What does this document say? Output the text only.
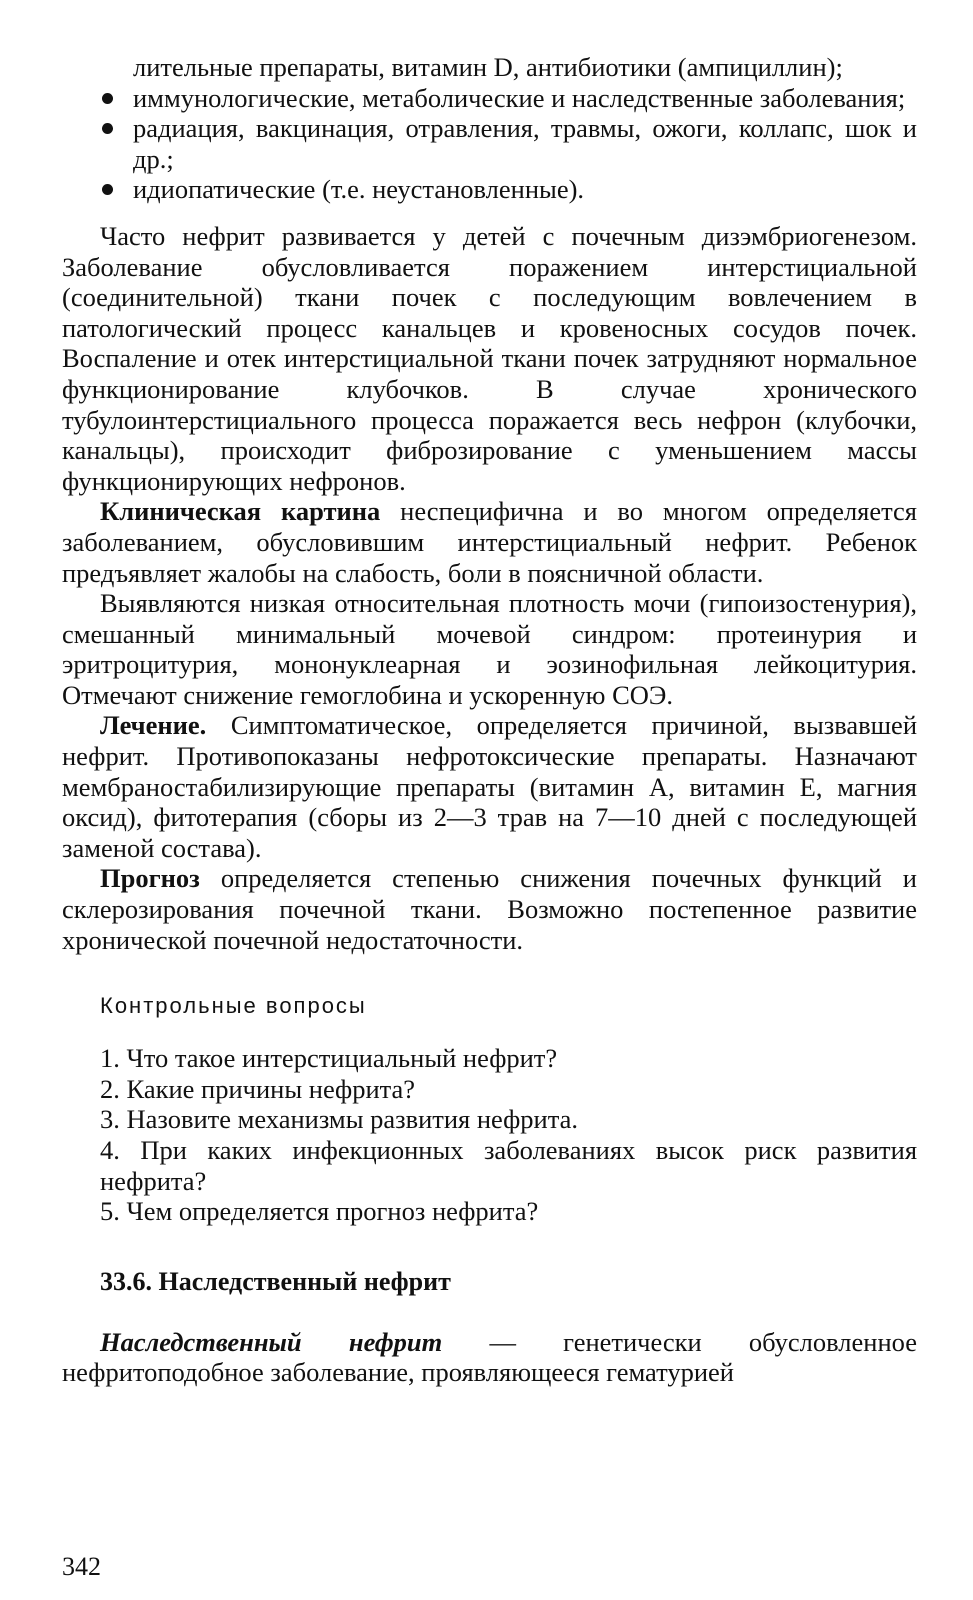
лительные препараты, витамин D, антибиотики (ампициллин);
иммунологические, метаболические и наследственные заболевания;
радиация, вакцинация, отравления, травмы, ожоги, коллапс, шок и др.;
идиопатические (т.е. неустановленные).

Часто нефрит развивается у детей с почечным дизэмбриогенезом. Заболевание обусловливается поражением интерстициальной (соединительной) ткани почек с последующим вовлечением в патологический процесс канальцев и кровеносных сосудов почек. Воспаление и отек интерстициальной ткани почек затрудняют нормальное функционирование клубочков. В случае хронического тубулоинтерстициального процесса поражается весь нефрон (клубочки, канальцы), происходит фиброзирование с уменьшением массы функционирующих нефронов.

Клиническая картина неспецифична и во многом определяется заболеванием, обусловившим интерстициальный нефрит. Ребенок предъявляет жалобы на слабость, боли в поясничной области.

Выявляются низкая относительная плотность мочи (гипоизостенурия), смешанный минимальный мочевой синдром: протеинурия и эритроцитурия, мононуклеарная и эозинофильная лейкоцитурия. Отмечают снижение гемоглобина и ускоренную СОЭ.

Лечение. Симптоматическое, определяется причиной, вызвавшей нефрит. Противопоказаны нефротоксические препараты. Назначают мембраностабилизирующие препараты (витамин А, витамин Е, магния оксид), фитотерапия (сборы из 2—3 трав на 7—10 дней с последующей заменой состава).

Прогноз определяется степенью снижения почечных функций и склерозирования почечной ткани. Возможно постепенное развитие хронической почечной недостаточности.

Контрольные вопросы
1. Что такое интерстициальный нефрит?
2. Какие причины нефрита?
3. Назовите механизмы развития нефрита.
4. При каких инфекционных заболеваниях высок риск развития нефрита?
5. Чем определяется прогноз нефрита?
33.6. Наследственный нефрит

Наследственный нефрит — генетически обусловленное нефритоподобное заболевание, проявляющееся гематурией

342
